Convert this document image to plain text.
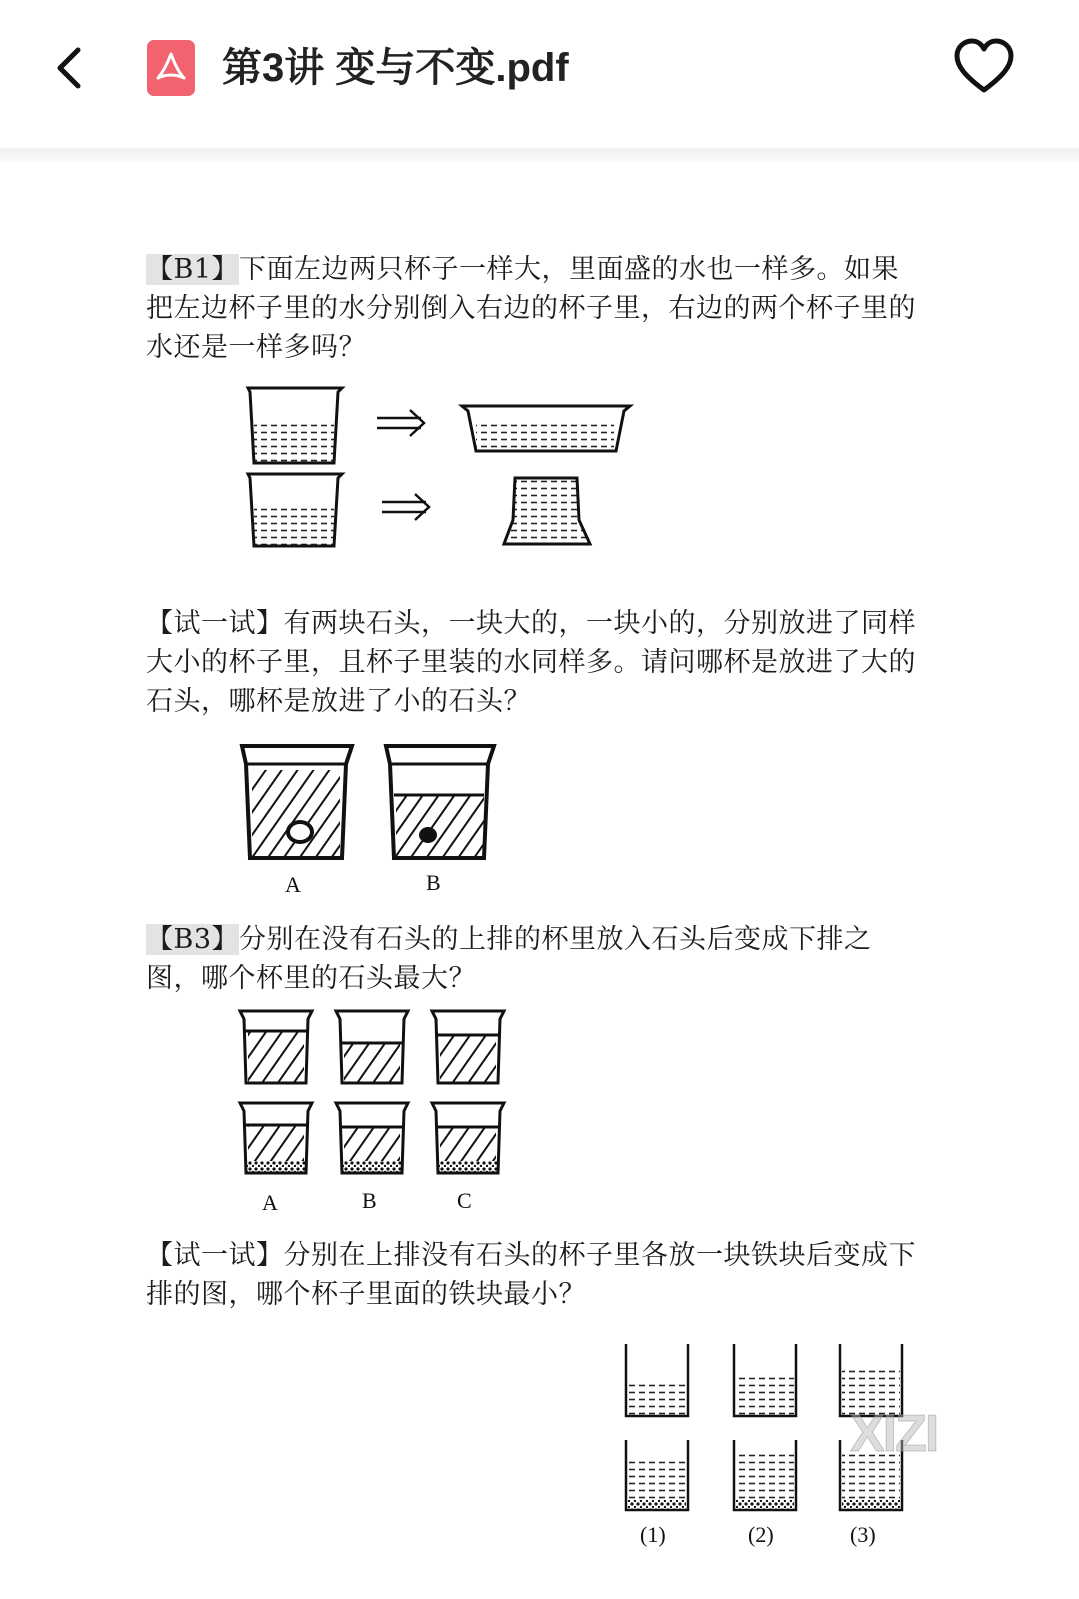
第3讲 变与不变.pdf
【B1】下面左边两只杯子一样大，里面盛的水也一样多。如果把左边杯子里的水分别倒入右边的杯子里，右边的两个杯子里的水还是一样多吗？
【试一试】有两块石头，一块大的，一块小的，分别放进了同样大小的杯子里，且杯子里装的水同样多。请问哪杯是放进了大的石头，哪杯是放进了小的石头？
A	B
【B3】分别在没有石头的上排的杯里放入石头后变成下排之图，哪个杯里的石头最大？
A	B	C
【试一试】分别在上排没有石头的杯子里各放一块铁块后变成下排的图，哪个杯子里面的铁块最小？
(1)	(2)	(3)
XIZI
